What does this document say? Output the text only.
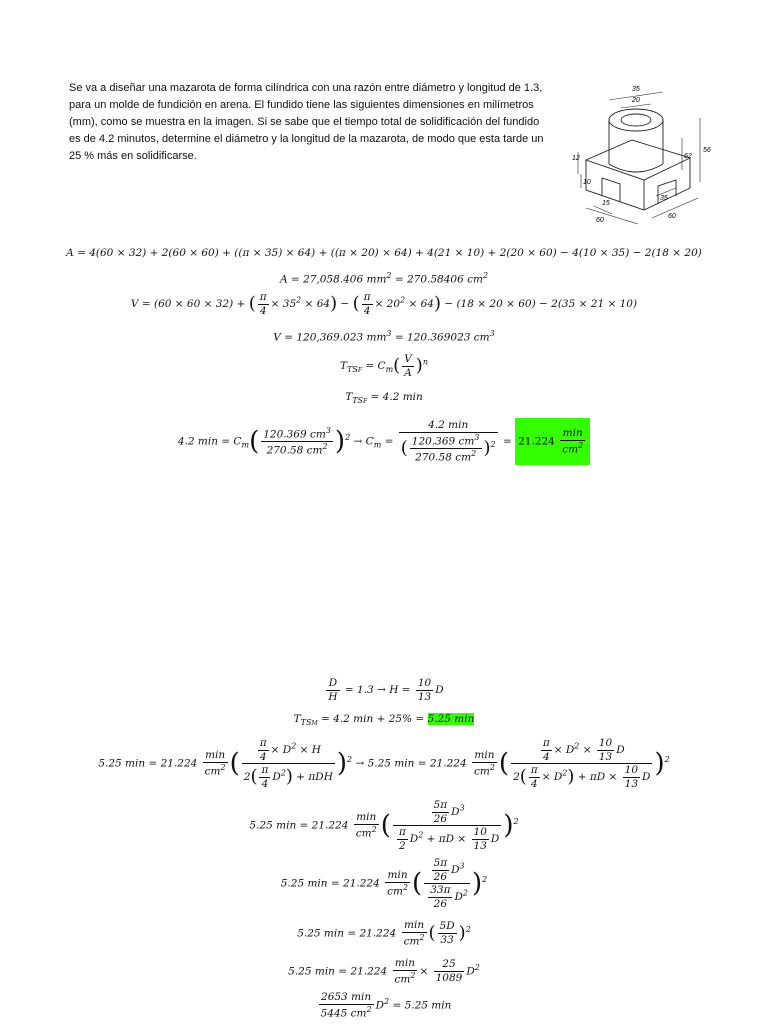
Se va a diseñar una mazarota de forma cilíndrica con una razón entre diámetro y longitud de 1.3, para un molde de fundición en arena. El fundido tiene las siguientes dimensiones en milímetros (mm), como se muestra en la imagen. Si se sabe que el tiempo total de solidificación del fundido es de 4.2 minutos, determine el diámetro y la longitud de la mazarota, de modo que esta tarde un 25 % más en solidificarse.

35
20
56
62
12
10
15
60
35
60
A = 4(60 × 32) + 2(60 × 60) + ((π × 35) × 64) + ((π × 20) × 64) + 4(21 × 10) + 2(20 × 60) − 4(10 × 35) − 2(18 × 20)
A = 27,058.406 $mm^2 = 270.58406$ $cm^2$
V = (60 × 60 × 32) + ( $\frac{\pi}{4} \times 35^2 \times 64$) − ( $\frac{\pi}{4} \times 20^2 \times 64) - (18 \times 20 \times 60) - 2(35 \times 21 \times 10)$
V = 120,369.023 $mm^3 = 120.369023$ $cm^3$
$T_{TSF} = C_m( \frac{V}{A} )^n$
$T_{TSF} = 4.2$ min
4.2 $\min = C_m( \frac{120.369 cm^3}{270.58 cm^2} )^2 \to C_m = \frac{4.2 \min}{( \frac{120.369 cm^3}{270.58 cm^2} )^2} = 21.224 \frac{\min}{cm^2}$
$\frac{D}{H} = 1.3 \to H = \frac{10}{13}$ D
$T_{TSM} = 4.2$ min + 25% = 5.25 min
5.25 $\min = 21.224 \frac{\min}{cm^2}$ ( $\frac{\frac{\pi}{4} \times D^2 \times H}{2( \frac{\pi}{4} D^2) + \pi DH} )^2 \to 5.25$ $\min = 21.224 \frac{\min}{cm^2}$ ( $\frac{\frac{\pi}{4} \times D^2 \times \frac{10}{13} D}{2( \frac{\pi}{4} \times D^2) + \pi D \times \frac{10}{13} D} )^2$
5.25 $\min = 21.224 \frac{\min}{cm^2}$ ( $\frac{\frac{5\pi}{26} D^3}{\frac{\pi}{2} D^2 + \pi D \times \frac{10}{13} D} )^2$
5.25 $\min = 21.224 \frac{\min}{cm^2}$ ( $\frac{\frac{5\pi}{26} D^3}{\frac{33\pi}{26} D^2} )^2$
5.25 $\min = 21.224 \frac{\min}{cm^2}$ ( $\frac{5D}{33} )^2$
5.25 $\min = 21.224 \frac{\min}{cm^2} \times \frac{25}{1089} D^2$
$\frac{2653 \min}{5445 cm^2} D^2 = 5.25$ min
